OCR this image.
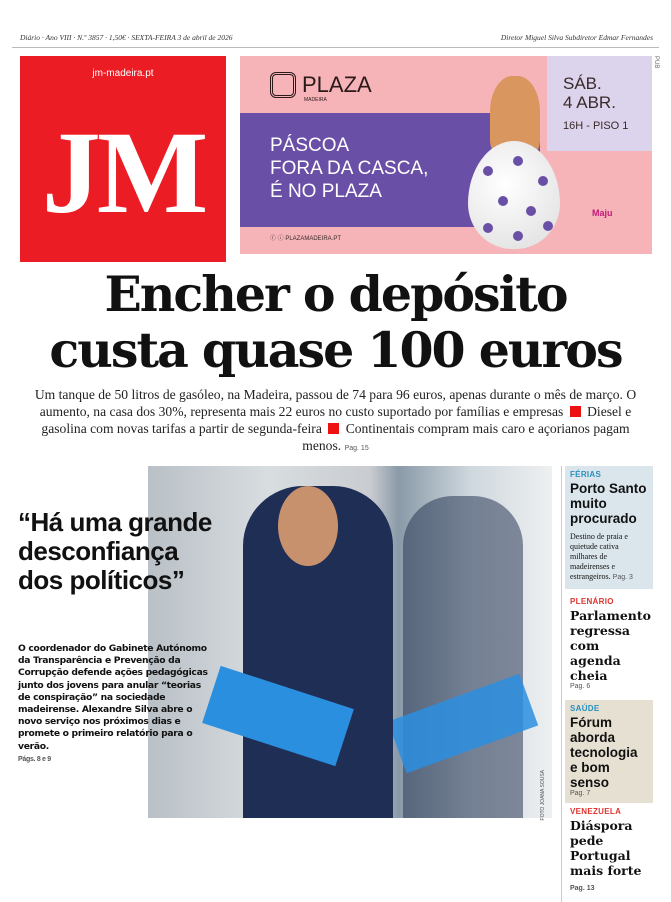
Diário · Ano VIII · N.º 3857 · 1,50€ · SEXTA-FEIRA 3 de abril de 2026	Diretor Miguel Silva Subdiretor Edmar Fernandes
jm-madeira.pt
JM
SÁB.
4 ABR.
16H - PISO 1
PLAZA
MADEIRA
PÁSCOA
FORA DA CASCA,
É NO PLAZA
ⓕ ⓘ PLAZAMADEIRA.PT
Maju
PUB
Encher o depósito
custa quase 100 euros
Um tanque de 50 litros de gasóleo, na Madeira, passou de 74 para 96 euros, apenas durante o mês de março. O aumento, na casa dos 30%, representa mais 22 euros no custo suportado por famílias e empresas Diesel e gasolina com novas tarifas a partir de segunda-feira Continentais compram mais caro e açorianos pagam menos. Pag. 15
FOTO JOANA SOUSA
“Há uma grande desconfiança dos políticos”
O coordenador do Gabinete Autónomo da Transparência e Prevenção da Corrupção defende ações pedagógicas junto dos jovens para anular “teorias de conspiração” na sociedade madeirense. Alexandre Silva abre o novo serviço nos próximos dias e promete o primeiro relatório para o verão.
Págs. 8 e 9
FÉRIAS
Porto Santo muito procurado
Destino de praia e quietude cativa milhares de madeirenses e estrangeiros. Pag. 3
PLENÁRIO
Parlamento regressa com agenda cheia
Pag. 6
SAÚDE
Fórum aborda tecnologia e bom senso
Pag. 7
VENEZUELA
Diáspora pede Portugal mais forte Pag. 13
